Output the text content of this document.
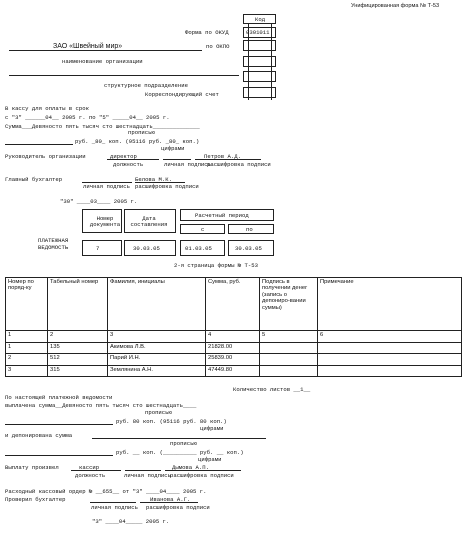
Унифицированная форма № Т-53
Код
0301011
Форма по ОКУД
по ОКПО
ЗАО «Швейный мир»
наименование организации
структурное подразделение
Корреспондирующий счет
В кассу для оплаты в срок
с "3" ______04__ 2005 г. по "5" _____04__ 2005 г.
Сумма___Девяносто пять тысяч сто шестнадцать______________
прописью
руб. _80_ коп. (95116 руб. _80_ коп.)
цифрами
Руководитель организации	директор	Петров А.Д.
должность	личная подпись
расшифровка подписи
Главный бухгалтер	Белова М.К.
личная подпись расшифровка подписи
"30" ____03____ 2005 г.
ПЛАТЕЖНАЯ
ВЕДОМОСТЬ
Номер документа
Дата составления
Расчетный период
с	по
7	30.03.05	01.03.05	30.03.05
2-я страница формы № Т-53
Номер по поряд-ку	Табельный номер	Фамилия, инициалы	Сумма, руб.	Подпись в получении денег (запись о депониро-вании суммы)	Примечание
1	2	3	4	5	6
1	135	Акимова Л.В.	21828.00		
2	512	Парий И.Н.	25839.00		
3	315	Землянина А.Н.	47449.80		
Количество листов __1__
По настоящей платежной ведомости
выплачена сумма__Девяносто пять тысяч сто шестнадцать____
прописью
руб. 80 коп. (95116 руб. 80 коп.)
цифрами
и депонирована сумма
прописью
руб. __ коп. (__________ руб. __ коп.)
цифрами
Выплату произвел	кассир	Дымова А.П.
должность	личная подпись расшифровка подписи
Расходный кассовый ордер № __655__ от "3" ____04____ 2005 г.
Проверил бухгалтер	Иванова А.Г.
личная подпись расшифровка подписи
"3" ____04_____ 2005 г.
